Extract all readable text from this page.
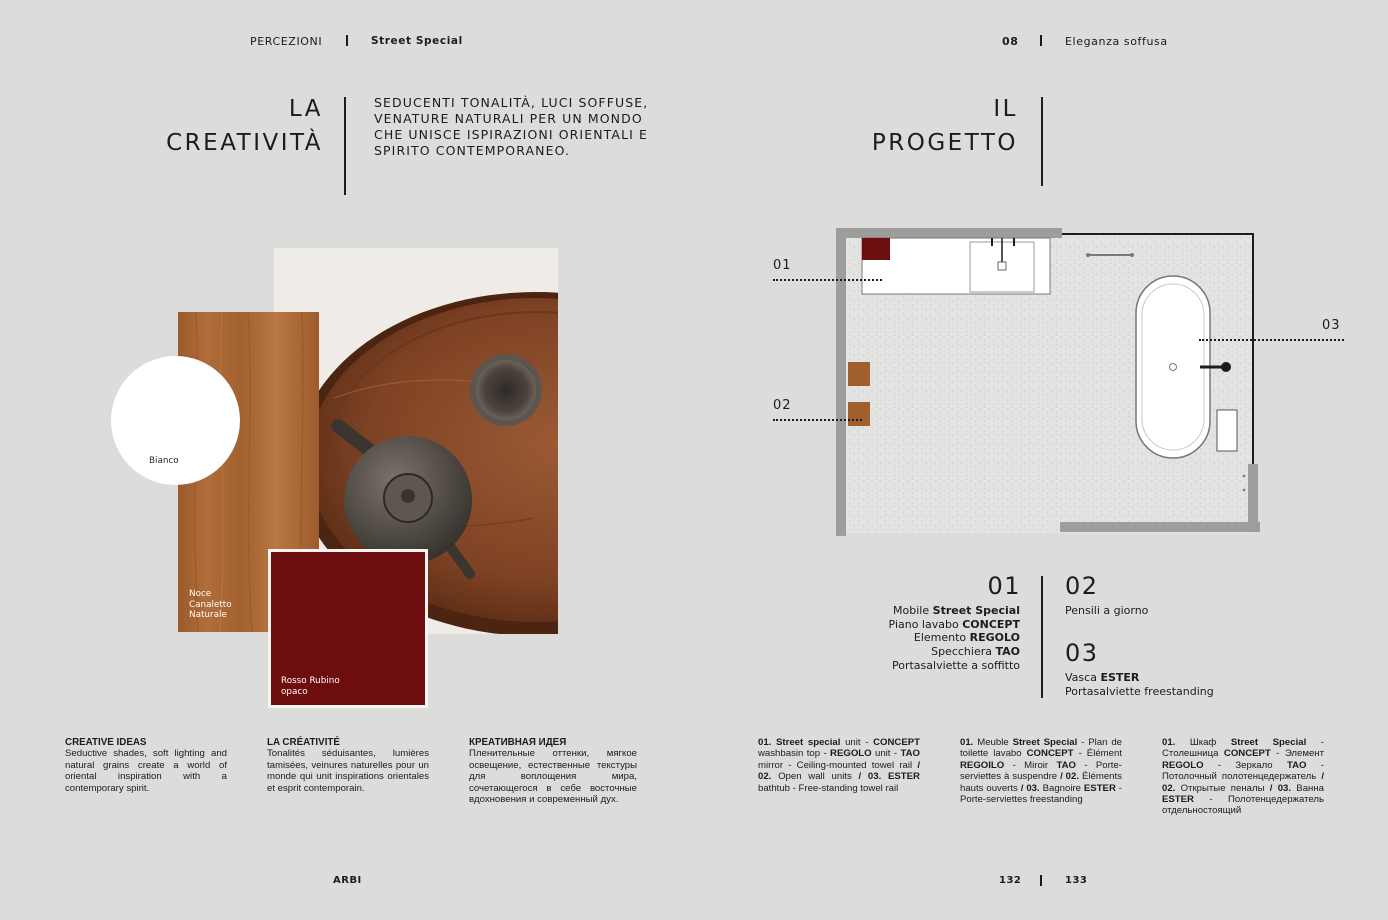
PERCEZIONI	Street Special	08	Eleganza soffusa
LA
CREATIVITÀ
SEDUCENTI TONALITÀ, LUCI SOFFUSE,
VENATURE NATURALI PER UN MONDO
CHE UNISCE ISPIRAZIONI ORIENTALI E
SPIRITO CONTEMPORANEO.
IL
PROGETTO
Noce
Canaletto
Naturale
Bianco
Rosso Rubino
opaco
01
02
03
01
Mobile Street Special
Piano lavabo CONCEPT
Elemento REGOLO
Specchiera TAO
Portasalviette a soffitto
02
Pensili a giorno
03
Vasca ESTER
Portasalviette freestanding
CREATIVE IDEAS
Seductive shades, soft lighting and natural grains create a world of oriental inspiration with a contemporary spirit.
LA CRÉATIVITÉ
Tonalités séduisantes, lumières tamisées, veinures naturelles pour un monde qui unit inspirations orientales et esprit contemporain.
КРЕАТИВНАЯ ИДЕЯ
Пленительные оттенки, мягкое освещение, естественные текстуры для воплощения мира, сочетающегося в себе восточные вдохновения и современный дух.
01. Street special unit - CONCEPT washbasin top - REGOLO unit - TAO mirror - Ceiling-mounted towel rail / 02. Open wall units / 03. ESTER bathtub - Free-standing towel rail
01. Meuble Street Special - Plan de toilette lavabo CONCEPT - Élément REGOILO - Miroir TAO - Porte-serviettes à suspendre / 02. Éléments hauts ouverts / 03. Bagnoire ESTER - Porte-serviettes freestanding
01. Шкаф Street Special - Столешница CONCEPT - Элемент REGOLO - Зеркало TAO - Потолочный полотенцедержатель / 02. Открытые пеналы / 03. Ванна ESTER - Полотенцедержатель отдельностоящий
ARBI	132	133
